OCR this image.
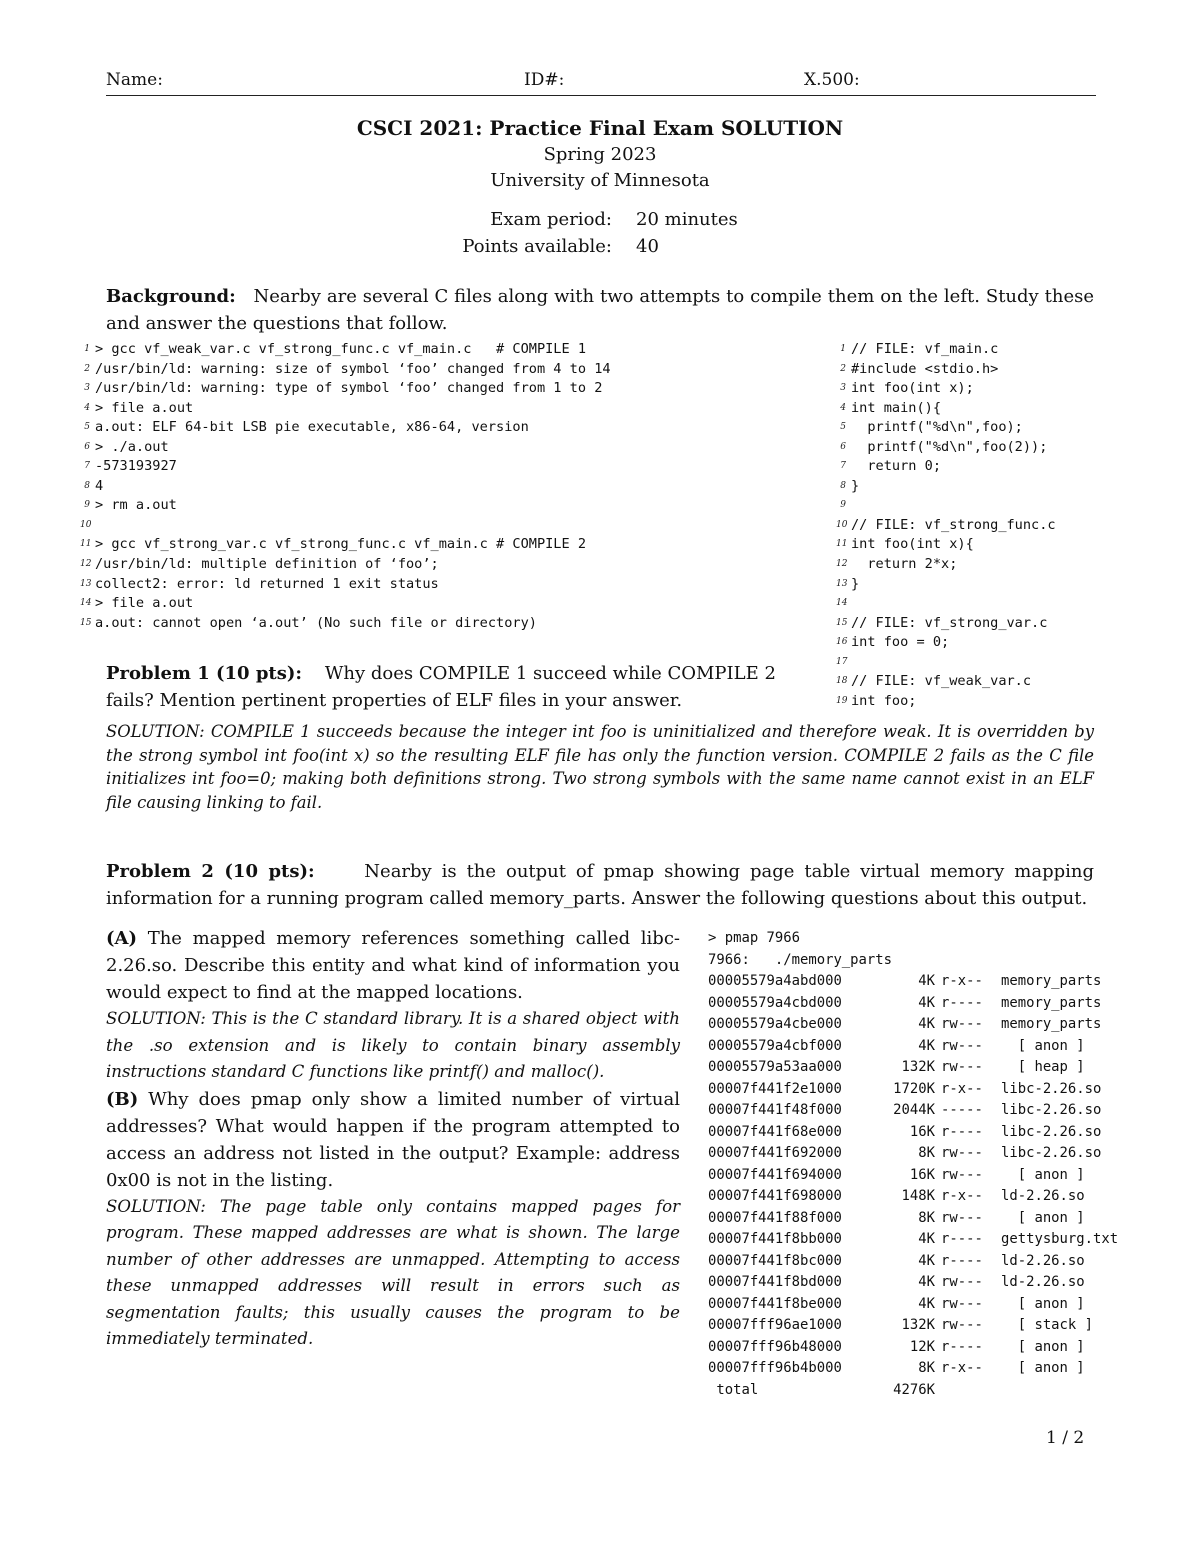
Name:	ID#:	X.500:
CSCI 2021: Practice Final Exam SOLUTION
Spring 2023
University of Minnesota
Exam period: 20 minutes
Points available: 40
Background: Nearby are several C files along with two attempts to compile them on the left. Study these and answer the questions that follow.
1 > gcc vf_weak_var.c vf_strong_func.c vf_main.c   # COMPILE 1
2 /usr/bin/ld: warning: size of symbol ‘foo’ changed from 4 to 14
3 /usr/bin/ld: warning: type of symbol ‘foo’ changed from 1 to 2
4 > file a.out
5 a.out: ELF 64-bit LSB pie executable, x86-64, version
6 > ./a.out
7 -573193927
8 4
9 > rm a.out
10
11 > gcc vf_strong_var.c vf_strong_func.c vf_main.c # COMPILE 2
12 /usr/bin/ld: multiple definition of ‘foo’;
13 collect2: error: ld returned 1 exit status
14 > file a.out
15 a.out: cannot open ‘a.out’ (No such file or directory)
1 // FILE: vf_main.c
2 #include <stdio.h>
3 int foo(int x);
4 int main(){
5 printf("%d\n",foo);
6 printf("%d\n",foo(2));
7 return 0;
8 }
9
10 // FILE: vf_strong_func.c
11 int foo(int x){
12 return 2*x;
13 }
14
15 // FILE: vf_strong_var.c
16 int foo = 0;
17
18 // FILE: vf_weak_var.c
19 int foo;
Problem 1 (10 pts): Why does COMPILE 1 succeed while COMPILE 2 fails? Mention pertinent properties of ELF files in your answer.
SOLUTION: COMPILE 1 succeeds because the integer int foo is uninitialized and therefore weak. It is overridden by the strong symbol int foo(int x) so the resulting ELF file has only the function version. COMPILE 2 fails as the C file initializes int foo=0; making both definitions strong. Two strong symbols with the same name cannot exist in an ELF file causing linking to fail.
Problem 2 (10 pts):	Nearby is the output of pmap showing page table virtual memory mapping information for a running program called memory_parts. Answer the following questions about this output.
(A) The mapped memory references something called libc-2.26.so. Describe this entity and what kind of information you would expect to find at the mapped locations.
SOLUTION: This is the C standard library. It is a shared object with the .so extension and is likely to contain binary assembly instructions standard C functions like printf() and malloc().
(B) Why does pmap only show a limited number of virtual addresses? What would happen if the program attempted to access an address not listed in the output? Example: address 0x00 is not in the listing.
SOLUTION: The page table only contains mapped pages for program. These mapped addresses are what is shown. The large number of other addresses are unmapped. Attempting to access these unmapped addresses will result in errors such as segmentation faults; this usually causes the program to be immediately terminated.
> pmap 7966
7966:   ./memory_parts
00005579a4abd000	4K r-x--	memory_parts
00005579a4cbd000	4K r----	memory_parts
00005579a4cbe000	4K rw---	memory_parts
00005579a4cbf000	4K rw---	[ anon ]
00005579a53aa000	132K rw---	[ heap ]
00007f441f2e1000	1720K r-x--	libc-2.26.so
00007f441f48f000	2044K -----	libc-2.26.so
00007f441f68e000	16K r----	libc-2.26.so
00007f441f692000	8K rw---	libc-2.26.so
00007f441f694000	16K rw---	[ anon ]
00007f441f698000	148K r-x--	ld-2.26.so
00007f441f88f000	8K rw---	[ anon ]
00007f441f8bb000	4K r----	gettysburg.txt
00007f441f8bc000	4K r----	ld-2.26.so
00007f441f8bd000	4K rw---	ld-2.26.so
00007f441f8be000	4K rw---	[ anon ]
00007fff96ae1000	132K rw---	[ stack ]
00007fff96b48000	12K r----	[ anon ]
00007fff96b4b000	8K r-x--	[ anon ]
total	4276K
1 / 2
